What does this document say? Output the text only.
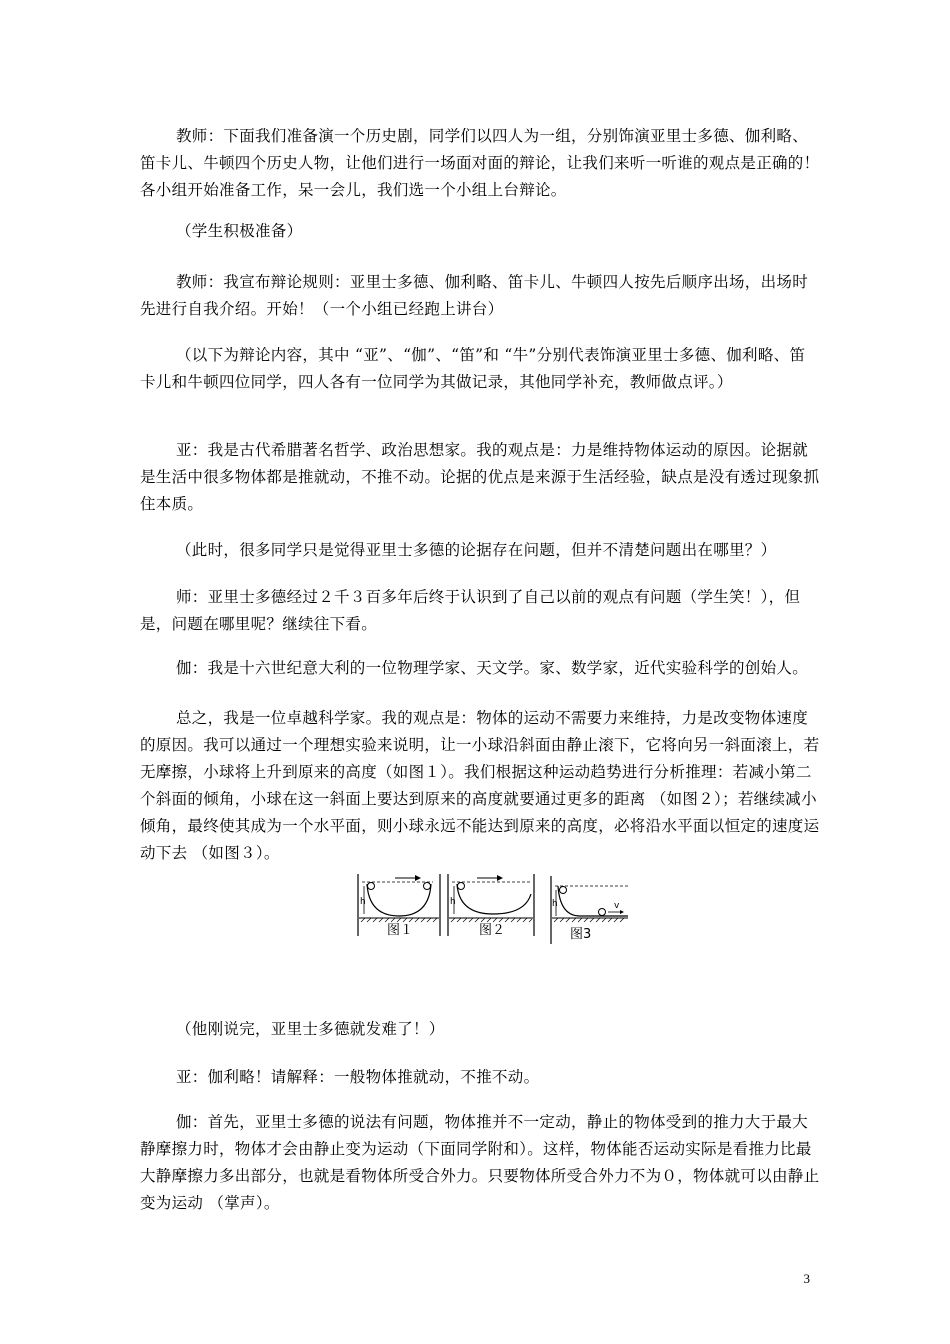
教师：下面我们准备演一个历史剧，同学们以四人为一组，分别饰演亚里士多德、伽利略、笛卡儿、牛顿四个历史人物，让他们进行一场面对面的辩论，让我们来听一听谁的观点是正确的！各小组开始准备工作，呆一会儿，我们选一个小组上台辩论。

（学生积极准备）

教师：我宣布辩论规则：亚里士多德、伽利略、笛卡儿、牛顿四人按先后顺序出场，出场时先进行自我介绍。开始！（一个小组已经跑上讲台）

（以下为辩论内容，其中 “亚”、“伽”、“笛”和 “牛”分别代表饰演亚里士多德、伽利略、笛卡儿和牛顿四位同学，四人各有一位同学为其做记录，其他同学补充，教师做点评。）

亚：我是古代希腊著名哲学、政治思想家。我的观点是：力是维持物体运动的原因。论据就是生活中很多物体都是推就动，不推不动。论据的优点是来源于生活经验，缺点是没有透过现象抓住本质。

（此时，很多同学只是觉得亚里士多德的论据存在问题，但并不清楚问题出在哪里？）

师：亚里士多德经过２千３百多年后终于认识到了自己以前的观点有问题（学生笑！），但是，问题在哪里呢？继续往下看。

伽：我是十六世纪意大利的一位物理学家、天文学。家、数学家，近代实验科学的创始人。

总之，我是一位卓越科学家。我的观点是：物体的运动不需要力来维持，力是改变物体速度的原因。我可以通过一个理想实验来说明，让一小球沿斜面由静止滚下，它将向另一斜面滚上，若无摩擦，小球将上升到原来的高度（如图１）。我们根据这种运动趋势进行分析推理：若减小第二个斜面的倾角，小球在这一斜面上要达到原来的高度就要通过更多的距离 （如图２）；若继续减小倾角，最终使其成为一个水平面，则小球永远不能达到原来的高度，必将沿水平面以恒定的速度运动下去 （如图３）。

h
图１
h
图２
h	v
图3

（他刚说完，亚里士多德就发难了！）

亚：伽利略！请解释：一般物体推就动，不推不动。

伽：首先，亚里士多德的说法有问题，物体推并不一定动，静止的物体受到的推力大于最大静摩擦力时，物体才会由静止变为运动（下面同学附和）。这样，物体能否运动实际是看推力比最大静摩擦力多出部分，也就是看物体所受合外力。只要物体所受合外力不为０，物体就可以由静止变为运动 （掌声）。

3
